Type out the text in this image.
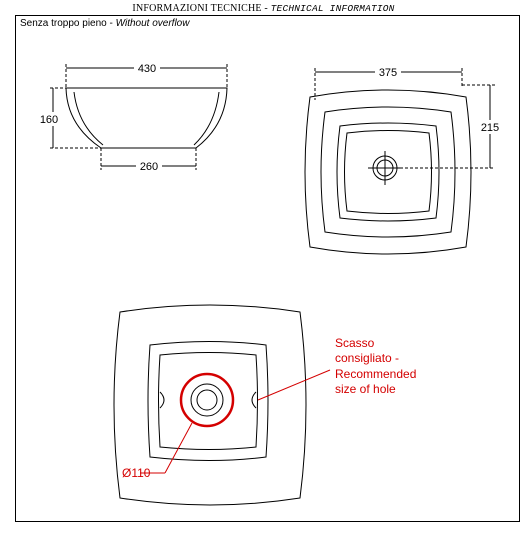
INFORMAZIONI TECNICHE - TECHNICAL INFORMATION
Senza troppo pieno - Without overflow
430
160
260
375
215
Ø110
Scasso
consigliato -
Recommended
size of hole
